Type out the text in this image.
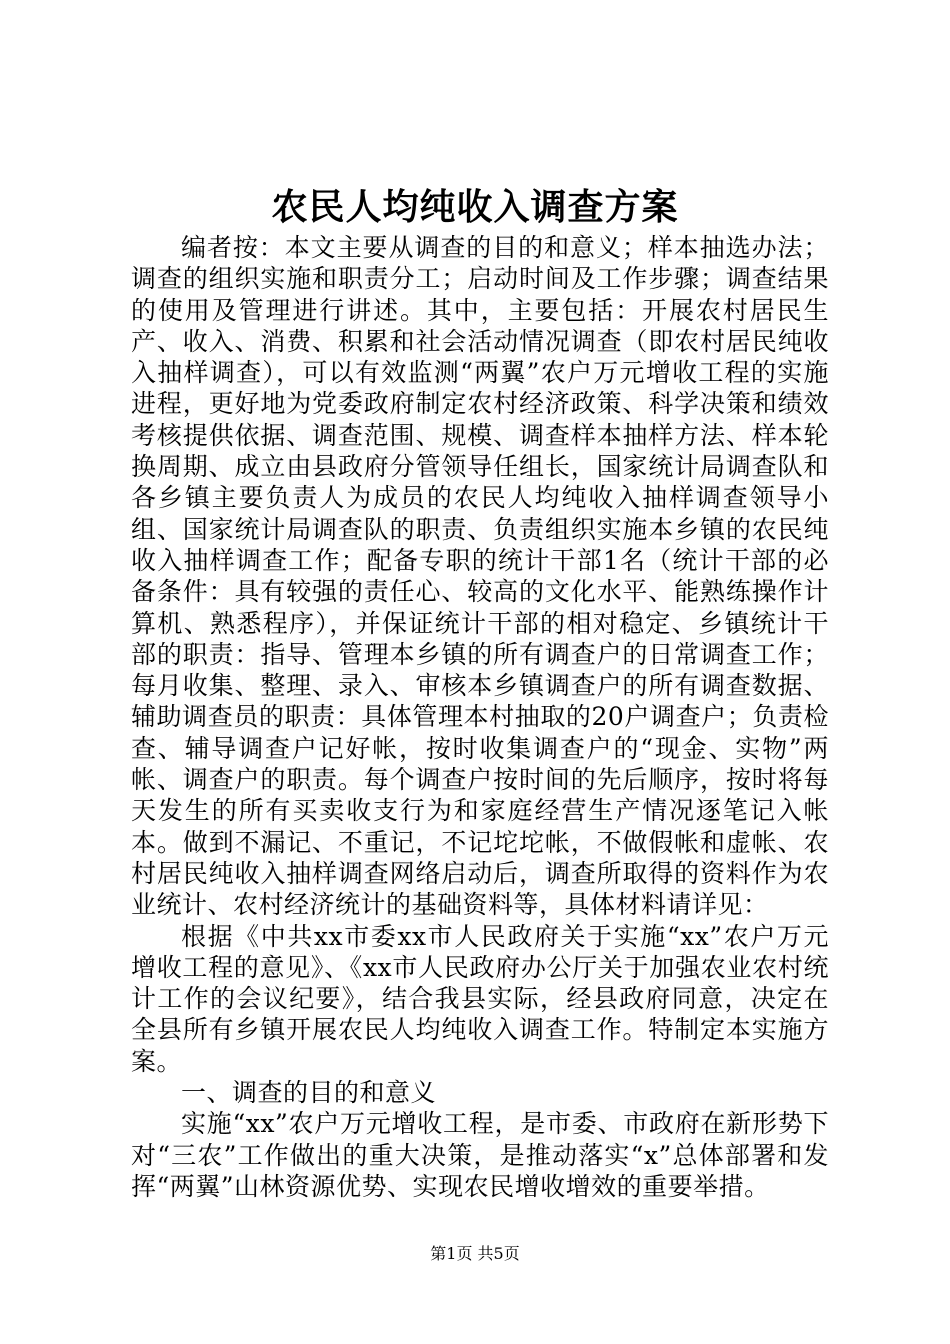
农民人均纯收入调查方案

编者按：本文主要从调查的目的和意义；样本抽选办法；调查的组织实施和职责分工；启动时间及工作步骤；调查结果的使用及管理进行讲述。其中，主要包括：开展农村居民生产、收入、消费、积累和社会活动情况调查（即农村居民纯收入抽样调查），可以有效监测“两翼”农户万元增收工程的实施进程，更好地为党委政府制定农村经济政策、科学决策和绩效考核提供依据、调查范围、规模、调查样本抽样方法、样本轮换周期、成立由县政府分管领导任组长，国家统计局调查队和各乡镇主要负责人为成员的农民人均纯收入抽样调查领导小组、国家统计局调查队的职责、负责组织实施本乡镇的农民纯收入抽样调查工作；配备专职的统计干部1名（统计干部的必备条件：具有较强的责任心、较高的文化水平、能熟练操作计算机、熟悉程序），并保证统计干部的相对稳定、乡镇统计干部的职责：指导、管理本乡镇的所有调查户的日常调查工作；每月收集、整理、录入、审核本乡镇调查户的所有调查数据、辅助调查员的职责：具体管理本村抽取的20户调查户；负责检查、辅导调查户记好帐，按时收集调查户的“现金、实物”两帐、调查户的职责。每个调查户按时间的先后顺序，按时将每天发生的所有买卖收支行为和家庭经营生产情况逐笔记入帐本。做到不漏记、不重记，不记坨坨帐，不做假帐和虚帐、农村居民纯收入抽样调查网络启动后，调查所取得的资料作为农业统计、农村经济统计的基础资料等，具体材料请详见：

根据《中共xx市委xx市人民政府关于实施“xx”农户万元增收工程的意见》、《xx市人民政府办公厅关于加强农业农村统计工作的会议纪要》，结合我县实际，经县政府同意，决定在全县所有乡镇开展农民人均纯收入调查工作。特制定本实施方案。

一、调查的目的和意义

实施“xx”农户万元增收工程，是市委、市政府在新形势下对“三农”工作做出的重大决策，是推动落实“x”总体部署和发挥“两翼”山林资源优势、实现农民增收增效的重要举措。

第1页 共5页
